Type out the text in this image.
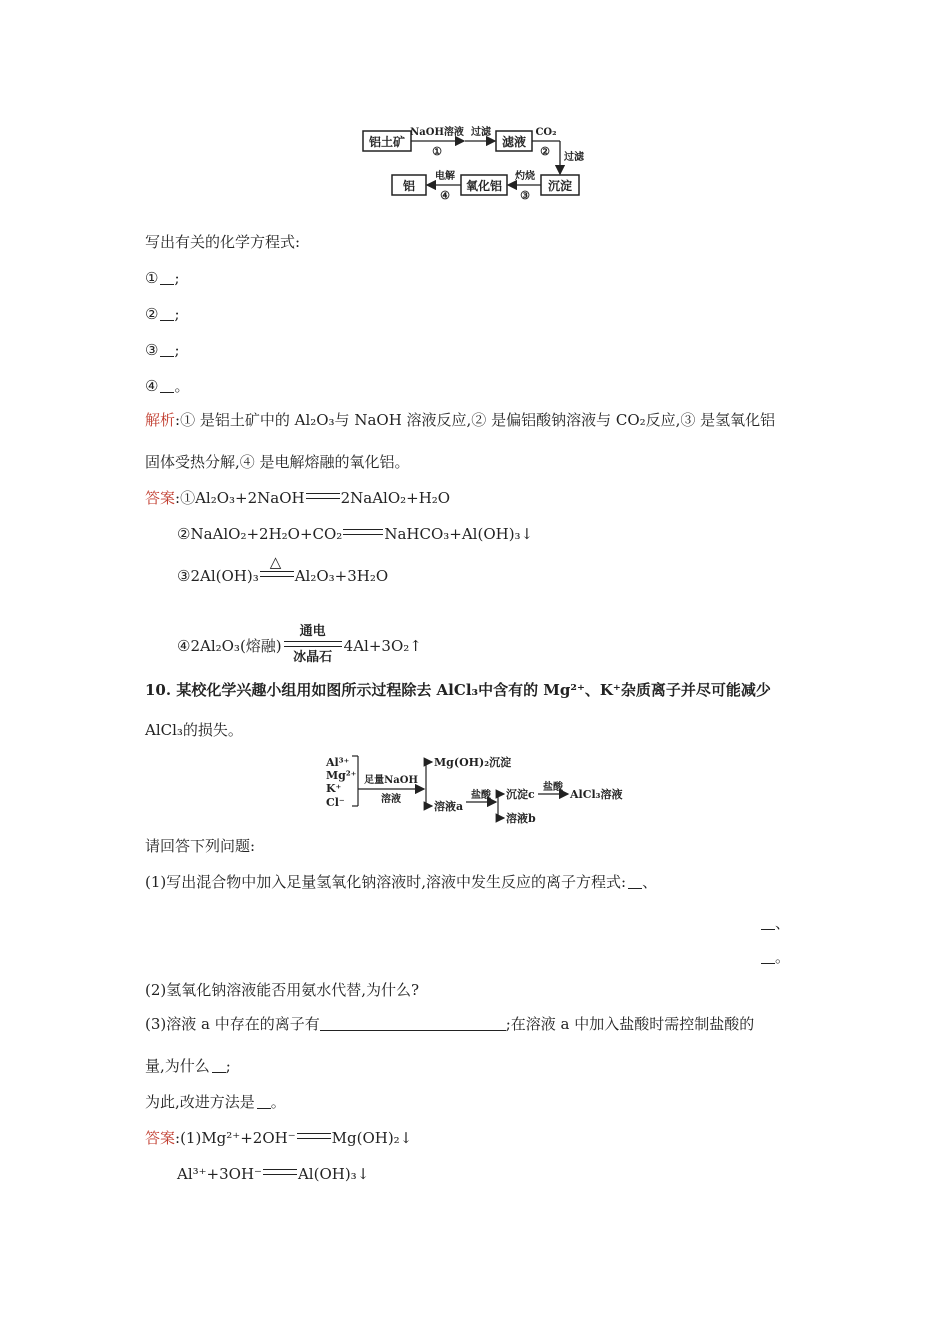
铝土矿	滤液
沉淀
氧化铝
铝
NaOH溶液
①
过滤	CO₂
② 过滤
灼烧
③
电解
④
写出有关的化学方程式:
① ;
② ;
③ ;
④ 。
解析:① 是铝土矿中的 Al₂O₃与 NaOH 溶液反应,② 是偏铝酸钠溶液与 CO₂反应,③ 是氢氧化铝
固体受热分解,④ 是电解熔融的氧化铝。
答案:①Al₂O₃+2NaOH 2NaAlO₂+H₂O
②NaAlO₂+2H₂O+CO₂	NaHCO₃+Al(OH)₃↓
③2Al(OH)₃
△
Al₂O₃+3H₂O
④2Al₂O₃(熔融)
通电
冰晶石
4Al+3O₂↑
10. 某校化学兴趣小组用如图所示过程除去 AlCl₃中含有的 Mg²⁺、K⁺杂质离子并尽可能减少
AlCl₃的损失。
Al³⁺
Mg²⁺
K⁺
Cl⁻
足量NaOH
溶液
Mg(OH)₂沉淀
溶液a
盐酸 沉淀c
盐酸
AlCl₃溶液
溶液b
请回答下列问题:
(1)写出混合物中加入足量氢氧化钠溶液时,溶液中发生反应的离子方程式: 、
、
。
(2)氢氧化钠溶液能否用氨水代替,为什么?
(3)溶液 a 中存在的离子有	;在溶液 a 中加入盐酸时需控制盐酸的
量,为什么 ;
为此,改进方法是 。
答案:(1)Mg²⁺+2OH⁻ Mg(OH)₂↓
Al³⁺+3OH⁻ Al(OH)₃↓
